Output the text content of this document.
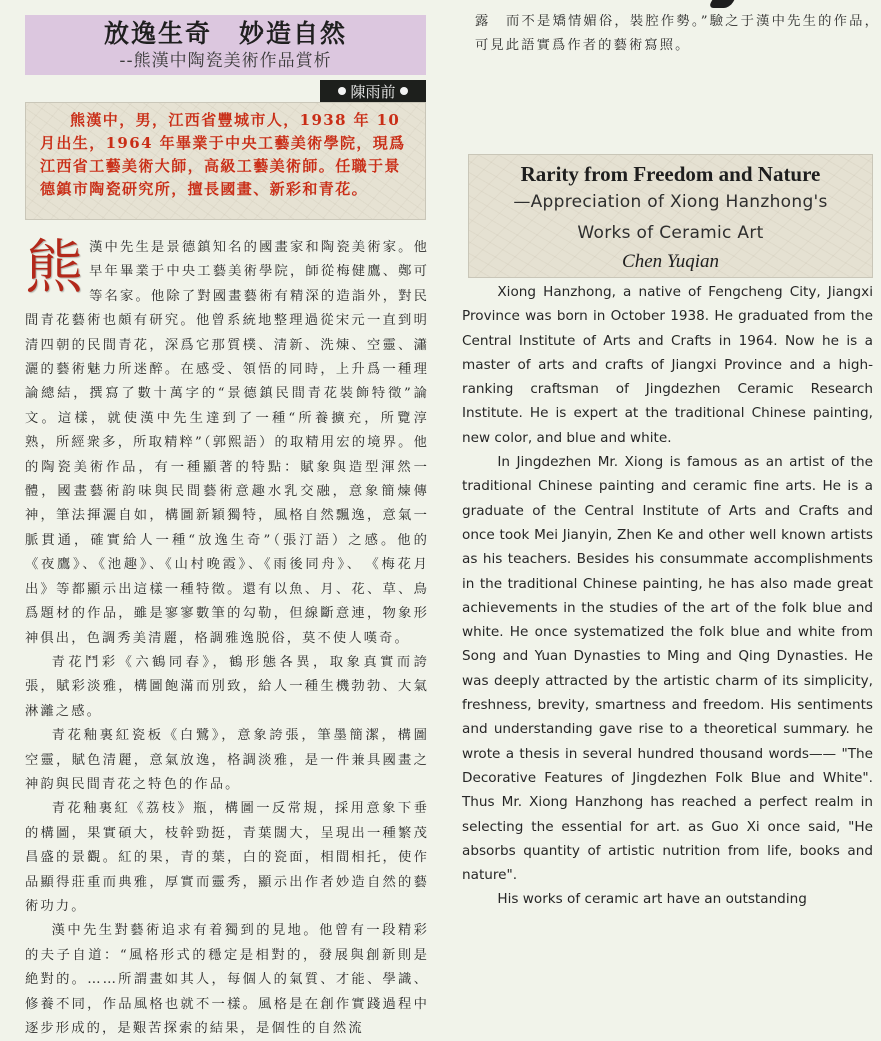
放逸生奇　妙造自然
--熊漢中陶瓷美術作品賞析
陳雨前
熊漢中，男，江西省豐城市人，1938 年 10 月出生，1964 年畢業于中央工藝美術學院，現爲江西省工藝美術大師，高級工藝美術師。任職于景德鎮市陶瓷研究所，擅長國畫、新彩和青花。

熊漢中先生是景德鎮知名的國畫家和陶瓷美術家。他早年畢業于中央工藝美術學院，師從梅健鷹、鄭可等名家。他除了對國畫藝術有精深的造詣外，對民間青花藝術也頗有研究。他曾系統地整理過從宋元一直到明清四朝的民間青花，深爲它那質樸、清新、洗煉、空靈、瀟灑的藝術魅力所迷醉。在感受、領悟的同時，上升爲一種理論總結，撰寫了數十萬字的“景德鎮民間青花裝飾特徵”論文。這樣，就使漢中先生達到了一種“所養擴充，所覽淳熟，所經衆多，所取精粹”（郭熙語）的取精用宏的境界。他的陶瓷美術作品，有一種顯著的特點：賦象與造型渾然一體，國畫藝術韵味與民間藝術意趣水乳交融，意象簡煉傳神，筆法揮灑自如，構圖新穎獨特，風格自然飄逸，意氣一脈貫通，確實給人一種“放逸生奇”（張汀語）之感。他的《夜鷹》、《池趣》、《山村晚霞》、《雨後同舟》、　《梅花月出》等都顯示出這樣一種特徵。還有以魚、月、花、草、鳥爲題材的作品，雖是寥寥數筆的勾勒，但線斷意連，物象形神俱出，色調秀美清麗，格調雅逸脱俗，莫不使人嘆奇。

青花鬥彩《六鶴同春》，鶴形態各異，取象真實而誇張，賦彩淡雅，構圖飽滿而別致，給人一種生機勃勃、大氣淋灕之感。

青花釉裏紅瓷板《白鷺》，意象誇張，筆墨簡潔，構圖空靈，賦色清麗，意氣放逸，格調淡雅，是一件兼具國畫之神韵與民間青花之特色的作品。

青花釉裏紅《荔枝》瓶，構圖一反常規，採用意象下垂的構圖，果實碩大，枝幹勁挺，青葉闊大，呈現出一種繁茂昌盛的景觀。紅的果，青的葉，白的瓷面，相間相托，使作品顯得莊重而典雅，厚實而靈秀，顯示出作者妙造自然的藝術功力。

漢中先生對藝術追求有着獨到的見地。他曾有一段精彩的夫子自道：“風格形式的穩定是相對的，發展與創新則是絶對的。……所謂畫如其人，每個人的氣質、才能、學識、修養不同，作品風格也就不一樣。風格是在創作實踐過程中逐步形成的，是艱苦探索的結果，是個性的自然流

露　而不是矯情媚俗，裝腔作勢。”驗之于漢中先生的作品，可見此語實爲作者的藝術寫照。

Rarity from Freedom and Nature
—Appreciation of Xiong Hanzhong's
Works of Ceramic Art
Chen Yuqian

Xiong Hanzhong, a native of Fengcheng City, Jiangxi Province was born in October 1938. He graduated from the Central Institute of Arts and Crafts in 1964. Now he is a master of arts and crafts of Jiangxi Province and a high-ranking craftsman of Jingdezhen Ceramic Research Institute. He is expert at the traditional Chinese painting, new color, and blue and white.

In Jingdezhen Mr. Xiong is famous as an artist of the traditional Chinese painting and ceramic fine arts. He is a graduate of the Central Institute of Arts and Crafts and once took Mei Jianyin, Zhen Ke and other well known artists as his teachers. Besides his consummate accomplishments in the traditional Chinese painting, he has also made great achievements in the studies of the art of the folk blue and white. He once systematized the folk blue and white from Song and Yuan Dynasties to Ming and Qing Dynasties. He was deeply attracted by the artistic charm of its simplicity, freshness, brevity, smartness and freedom. His sentiments and understanding gave rise to a theoretical summary. he wrote a thesis in several hundred thousand words—— "The Decorative Features of Jingdezhen Folk Blue and White". Thus Mr. Xiong Hanzhong has reached a perfect realm in selecting the essential for art. as Guo Xi once said, "He absorbs quantity of artistic nutrition from life, books and nature".

His works of ceramic art have an outstanding
